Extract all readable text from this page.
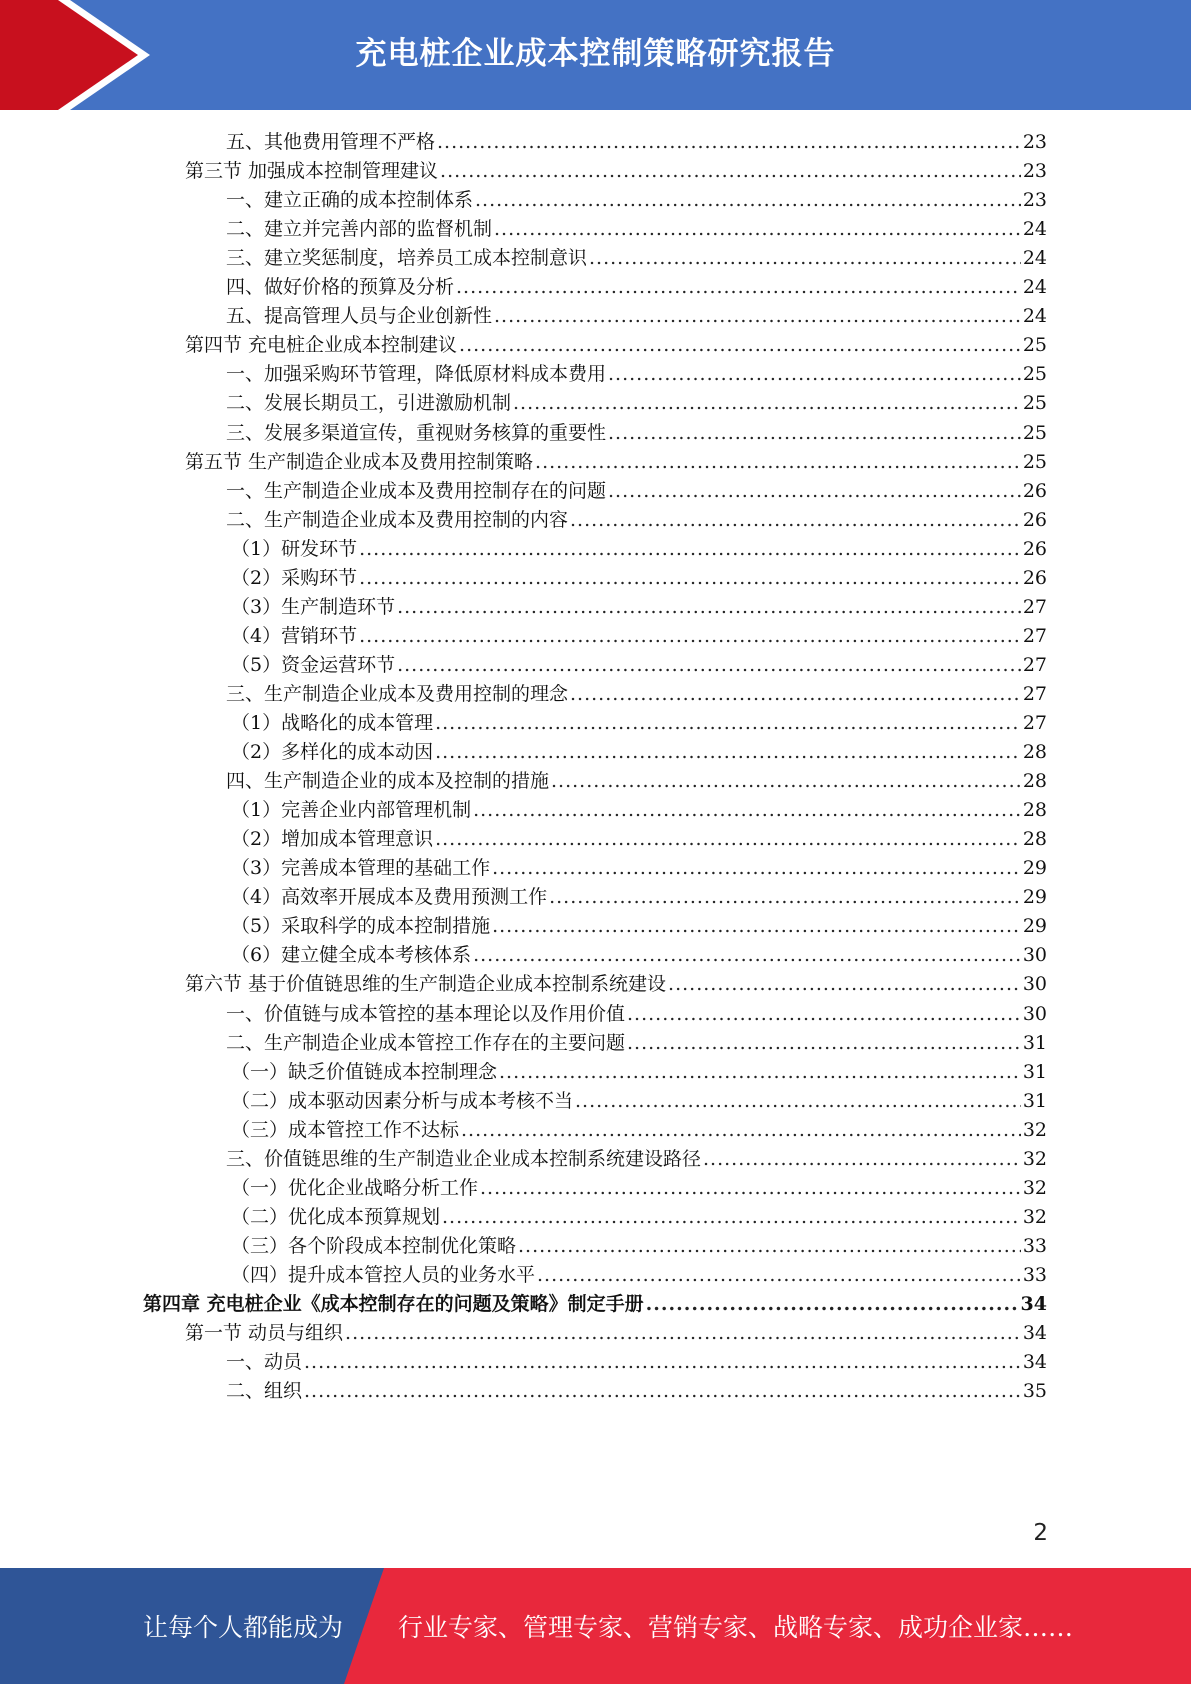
充电桩企业成本控制策略研究报告
五、其他费用管理不严格 .....	23
第三节 加强成本控制管理建议 .....	23
一、建立正确的成本控制体系 .....	23
二、建立并完善内部的监督机制 .....	24
三、建立奖惩制度，培养员工成本控制意识 .....	24
四、做好价格的预算及分析 .....	24
五、提高管理人员与企业创新性 .....	24
第四节 充电桩企业成本控制建议 .....	25
一、加强采购环节管理，降低原材料成本费用 .....	25
二、发展长期员工，引进激励机制 .....	25
三、发展多渠道宣传，重视财务核算的重要性 .....	25
第五节 生产制造企业成本及费用控制策略 .....	25
一、生产制造企业成本及费用控制存在的问题 .....	26
二、生产制造企业成本及费用控制的内容 .....	26
（1）研发环节 .....	26
（2）采购环节 .....	26
（3）生产制造环节 .....	27
（4）营销环节 .....	27
（5）资金运营环节 .....	27
三、生产制造企业成本及费用控制的理念 .....	27
（1）战略化的成本管理 .....	27
（2）多样化的成本动因 .....	28
四、生产制造企业的成本及控制的措施 .....	28
（1）完善企业内部管理机制 .....	28
（2）增加成本管理意识 .....	28
（3）完善成本管理的基础工作 .....	29
（4）高效率开展成本及费用预测工作 .....	29
（5）采取科学的成本控制措施 .....	29
（6）建立健全成本考核体系 .....	30
第六节 基于价值链思维的生产制造企业成本控制系统建设 .....	30
一、价值链与成本管控的基本理论以及作用价值 .....	30
二、生产制造企业成本管控工作存在的主要问题 .....	31
（一）缺乏价值链成本控制理念 .....	31
（二）成本驱动因素分析与成本考核不当 .....	31
（三）成本管控工作不达标 .....	32
三、价值链思维的生产制造业企业成本控制系统建设路径 .....	32
（一）优化企业战略分析工作 .....	32
（二）优化成本预算规划 .....	32
（三）各个阶段成本控制优化策略 .....	33
（四）提升成本管控人员的业务水平 .....	33
第四章 充电桩企业《成本控制存在的问题及策略》制定手册 .....	34
第一节 动员与组织 .....	34
一、动员 .....	34
二、组织 .....	35
2
让每个人都能成为 行业专家、管理专家、营销专家、战略专家、成功企业家……
